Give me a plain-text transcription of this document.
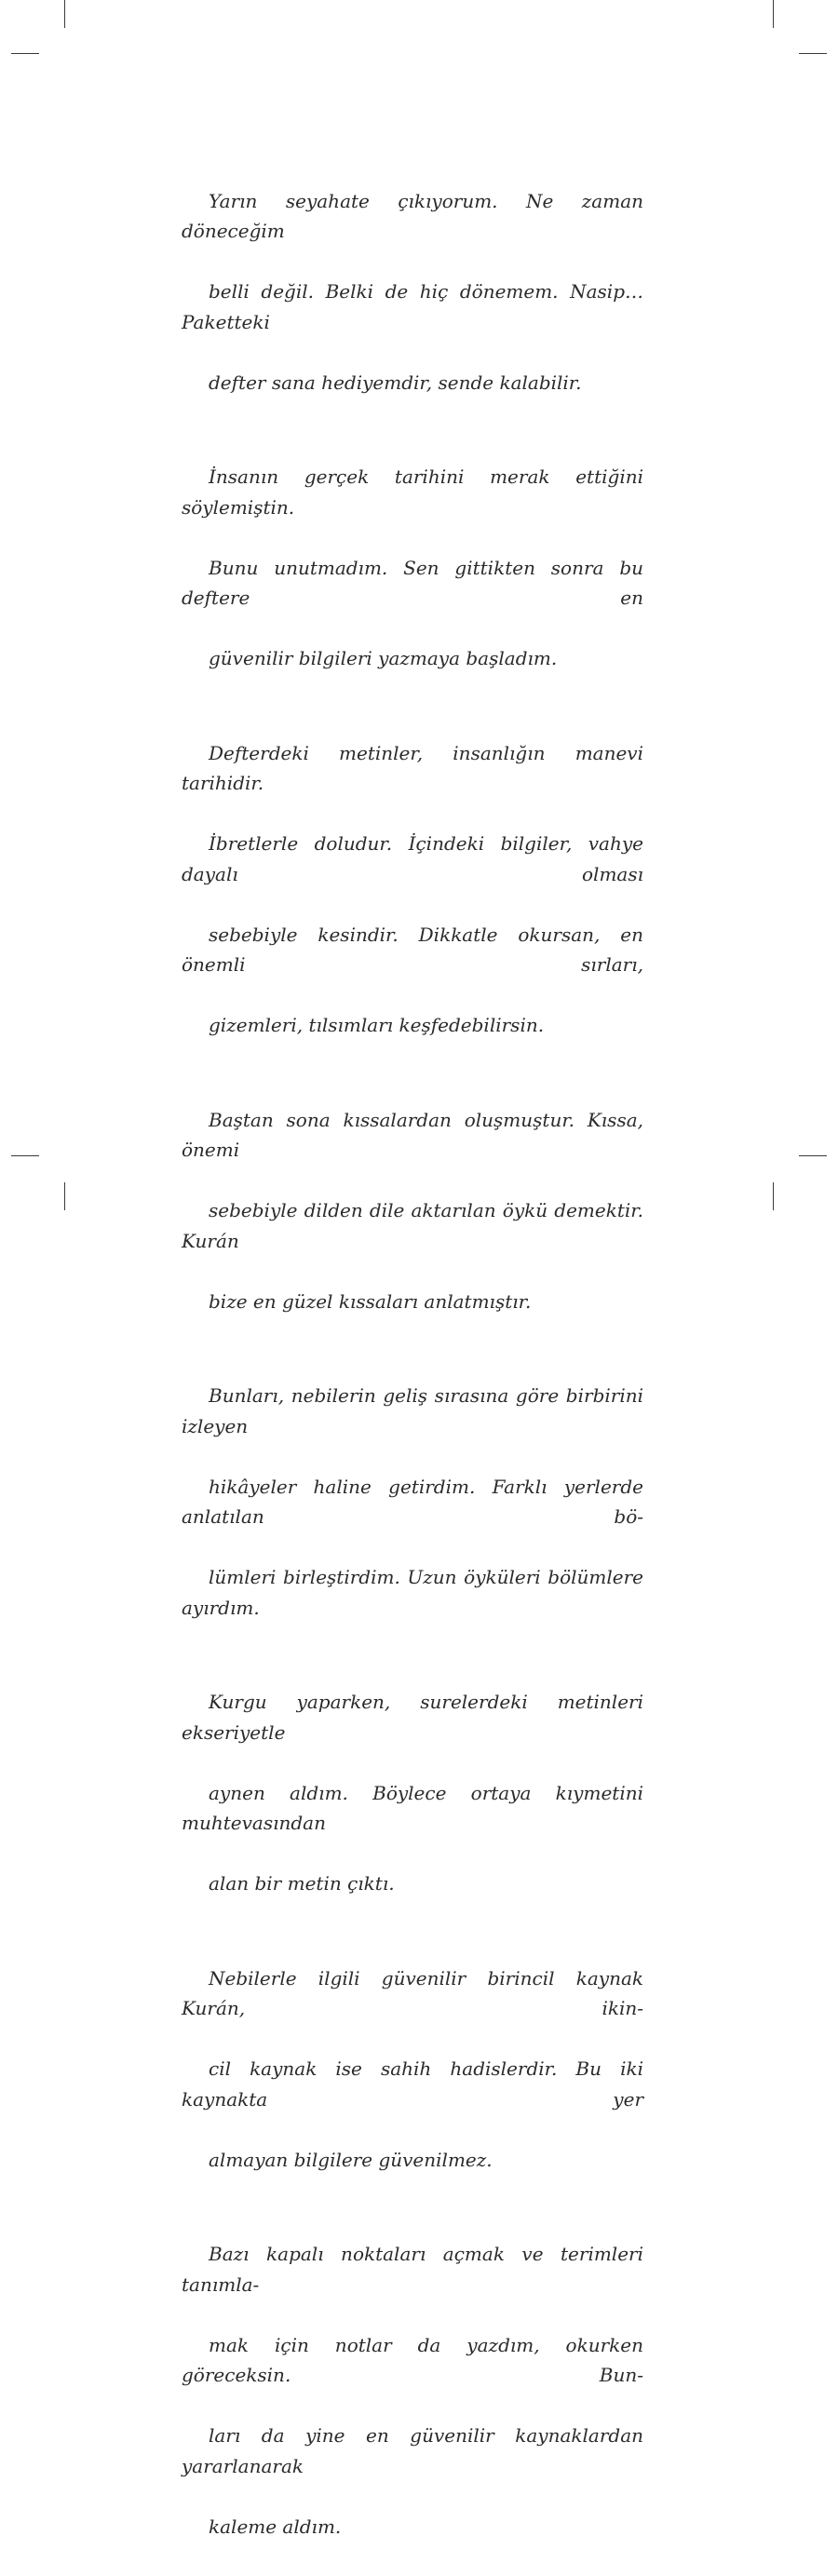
Yarın seyahate çıkıyorum. Ne zaman döneceğim

belli değil. Belki de hiç dönemem. Nasip… Paketteki

defter sana hediyemdir, sende kalabilir.

İnsanın gerçek tarihini merak ettiğini söylemiştin.

Bunu unutmadım. Sen gittikten sonra bu deftere en

güvenilir bilgileri yazmaya başladım.

Defterdeki metinler, insanlığın manevi tarihidir.

İbretlerle doludur. İçindeki bilgiler, vahye dayalı olması

sebebiyle kesindir. Dikkatle okursan, en önemli sırları,

gizemleri, tılsımları keşfedebilirsin.

Baştan sona kıssalardan oluşmuştur. Kıssa, önemi

sebebiyle dilden dile aktarılan öykü demektir. Kurán

bize en güzel kıssaları anlatmıştır.

Bunları, nebilerin geliş sırasına göre birbirini izleyen

hikâyeler haline getirdim. Farklı yerlerde anlatılan bö-

lümleri birleştirdim. Uzun öyküleri bölümlere ayırdım.

Kurgu yaparken, surelerdeki metinleri ekseriyetle

aynen aldım. Böylece ortaya kıymetini muhtevasından

alan bir metin çıktı.

Nebilerle ilgili güvenilir birincil kaynak Kurán, ikin-

cil kaynak ise sahih hadislerdir. Bu iki kaynakta yer

almayan bilgilere güvenilmez.

Bazı kapalı noktaları açmak ve terimleri tanımla-

mak için notlar da yazdım, okurken göreceksin. Bun-

ları da yine en güvenilir kaynaklardan yararlanarak

kaleme aldım.
